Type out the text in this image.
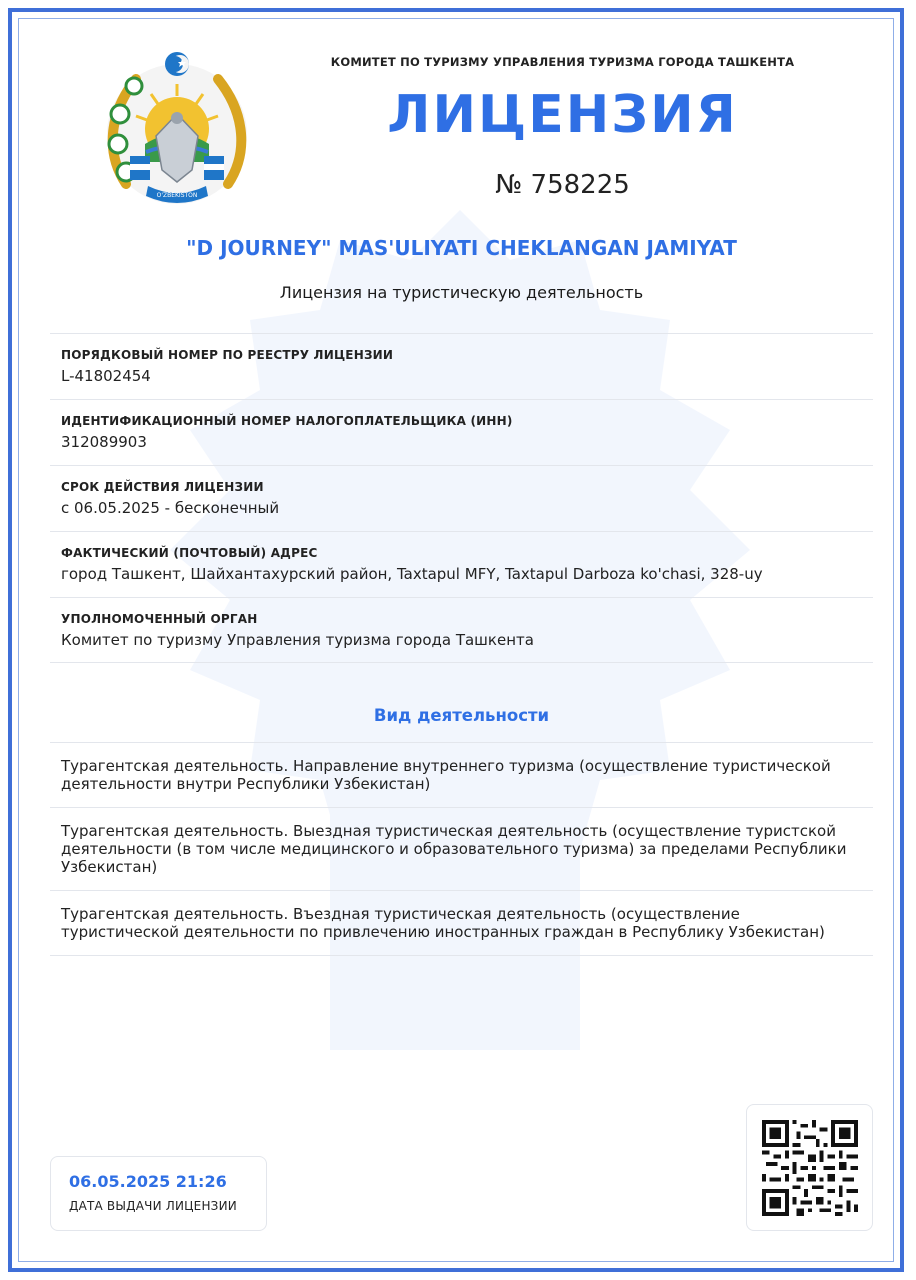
O'ZBEKISTON
КОМИТЕТ ПО ТУРИЗМУ УПРАВЛЕНИЯ ТУРИЗМА ГОРОДА ТАШКЕНТА
ЛИЦЕНЗИЯ
№ 758225
"D JOURNEY" MAS'ULIYATI CHEKLANGAN JAMIYAT
Лицензия на туристическую деятельность
ПОРЯДКОВЫЙ НОМЕР ПО РЕЕСТРУ ЛИЦЕНЗИИ
L-41802454
ИДЕНТИФИКАЦИОННЫЙ НОМЕР НАЛОГОПЛАТЕЛЬЩИКА (ИНН)
312089903
СРОК ДЕЙСТВИЯ ЛИЦЕНЗИИ
с 06.05.2025 - бесконечный
ФАКТИЧЕСКИЙ (ПОЧТОВЫЙ) АДРЕС
город Ташкент, Шайхантахурский район, Taxtapul MFY, Taxtapul Darboza ko'chasi, 328-uy
УПОЛНОМОЧЕННЫЙ ОРГАН
Комитет по туризму Управления туризма города Ташкента
Вид деятельности
Турагентская деятельность. Направление внутреннего туризма (осуществление туристической деятельности внутри Республики Узбекистан)
Турагентская деятельность. Выездная туристическая деятельность (осуществление туристской деятельности (в том числе медицинского и образовательного туризма) за пределами Республики Узбекистан)
Турагентская деятельность. Въездная туристическая деятельность (осуществление туристической деятельности по привлечению иностранных граждан в Республику Узбекистан)
06.05.2025 21:26
ДАТА ВЫДАЧИ ЛИЦЕНЗИИ
